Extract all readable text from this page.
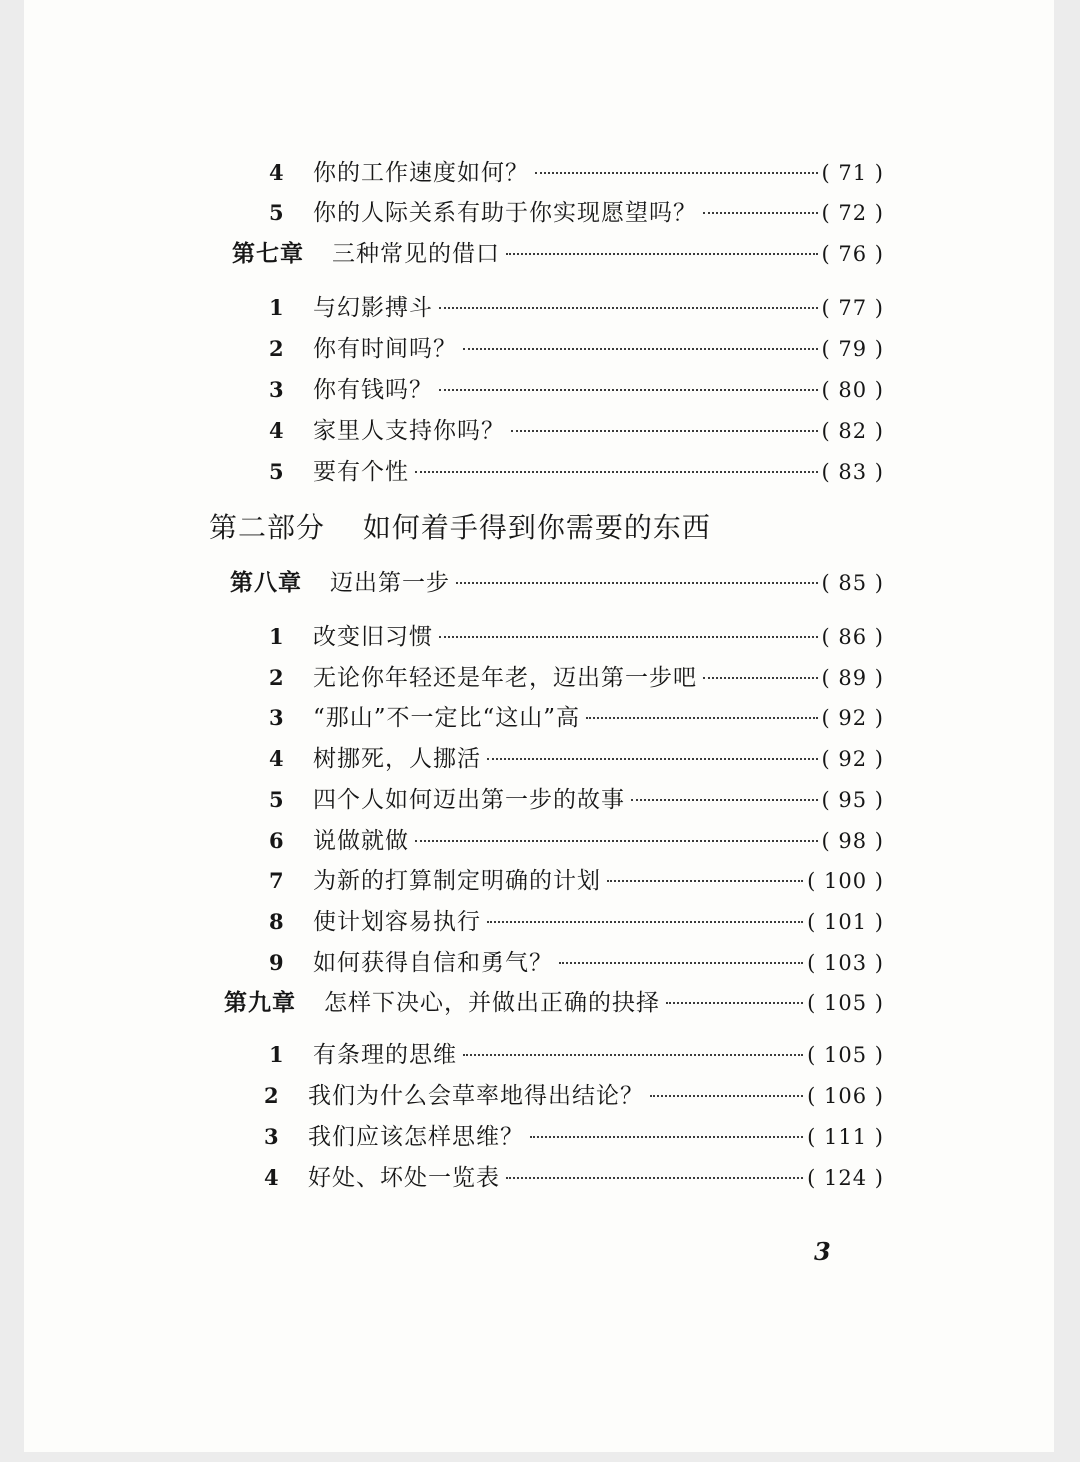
4	你的工作速度如何？	( 71 )
5	你的人际关系有助于你实现愿望吗？	( 72 )
第七章 三种常见的借口	( 76 )
1	与幻影搏斗	( 77 )
2	你有时间吗？	( 79 )
3	你有钱吗？	( 80 )
4	家里人支持你吗？	( 82 )
5	要有个性	( 83 )
第二部分 如何着手得到你需要的东西
第八章 迈出第一步	( 85 )
1	改变旧习惯	( 86 )
2	无论你年轻还是年老，迈出第一步吧	( 89 )
3	“那山”不一定比“这山”高	( 92 )
4	树挪死，人挪活	( 92 )
5	四个人如何迈出第一步的故事	( 95 )
6	说做就做	( 98 )
7	为新的打算制定明确的计划	( 100 )
8	使计划容易执行	( 101 )
9	如何获得自信和勇气？	( 103 )
第九章 怎样下决心，并做出正确的抉择	( 105 )
1	有条理的思维	( 105 )
2	我们为什么会草率地得出结论？	( 106 )
3	我们应该怎样思维？	( 111 )
4	好处、坏处一览表	( 124 )
3
